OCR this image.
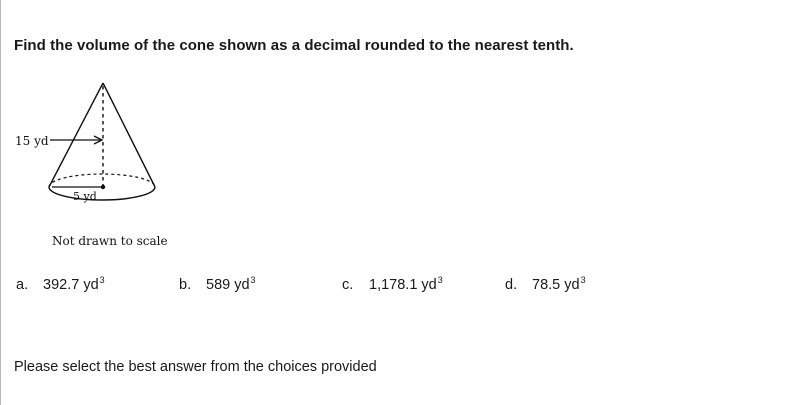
Find the volume of the cone shown as a decimal rounded to the nearest tenth.
15 yd
5 yd
Not drawn to scale
a. 392.7 $yd^3$	b. 589 $yd^3$	c. 1,178.1 $yd^3$	d. 78.5 $yd^3$
Please select the best answer from the choices provided
